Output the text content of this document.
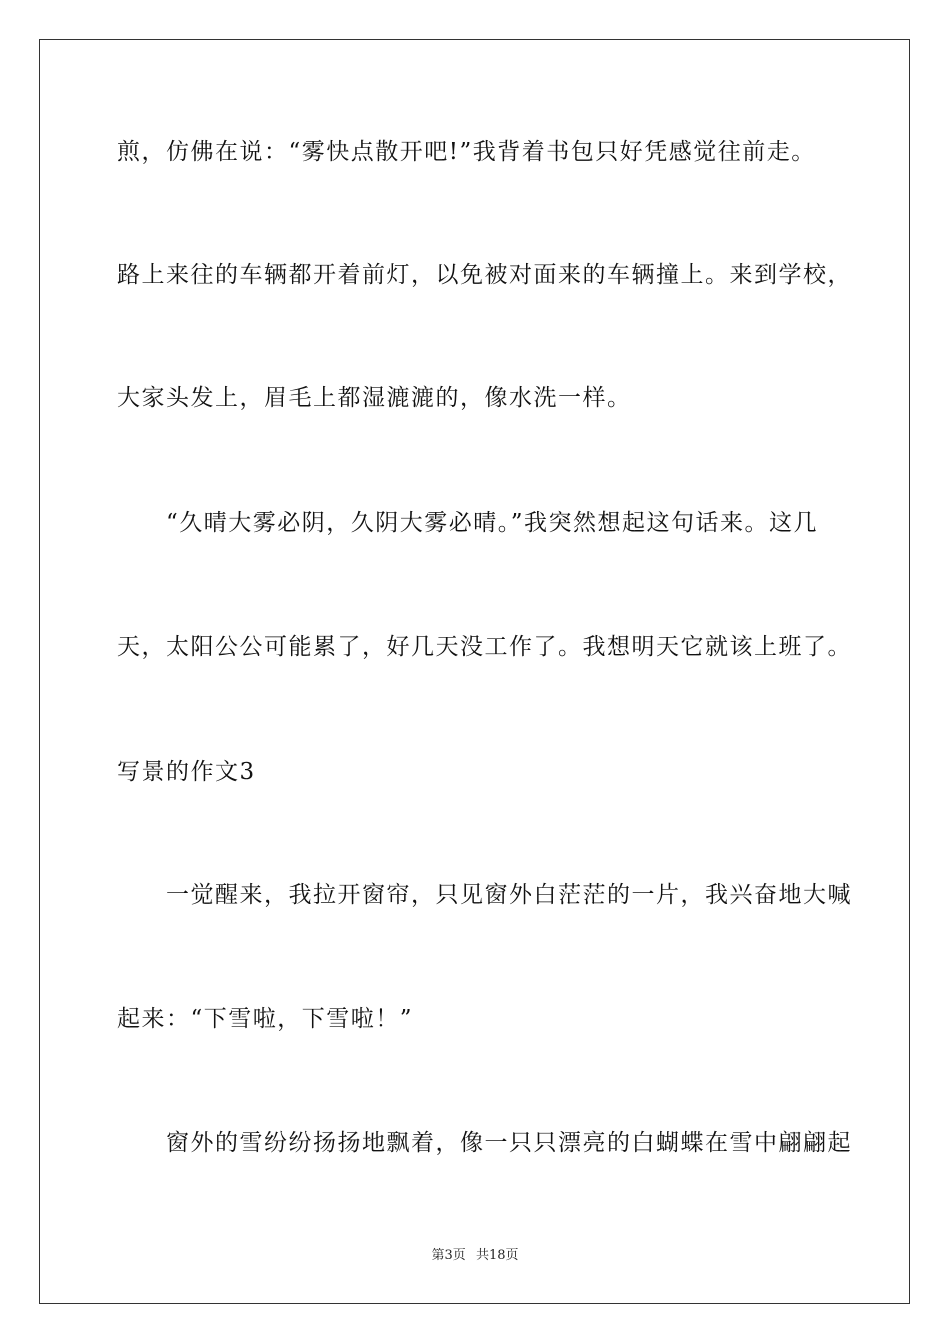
煎，仿佛在说：“雾快点散开吧!”我背着书包只好凭感觉往前走。
路上来往的车辆都开着前灯，以免被对面来的车辆撞上。来到学校，
大家头发上，眉毛上都湿漉漉的，像水洗一样。
　　“久晴大雾必阴，久阴大雾必晴。”我突然想起这句话来。这几
天，太阳公公可能累了，好几天没工作了。我想明天它就该上班了。
写景的作文3
　　一觉醒来，我拉开窗帘，只见窗外白茫茫的一片，我兴奋地大喊
起来：“下雪啦，下雪啦！”
　　窗外的雪纷纷扬扬地飘着，像一只只漂亮的白蝴蝶在雪中翩翩起
第3页 共18页
